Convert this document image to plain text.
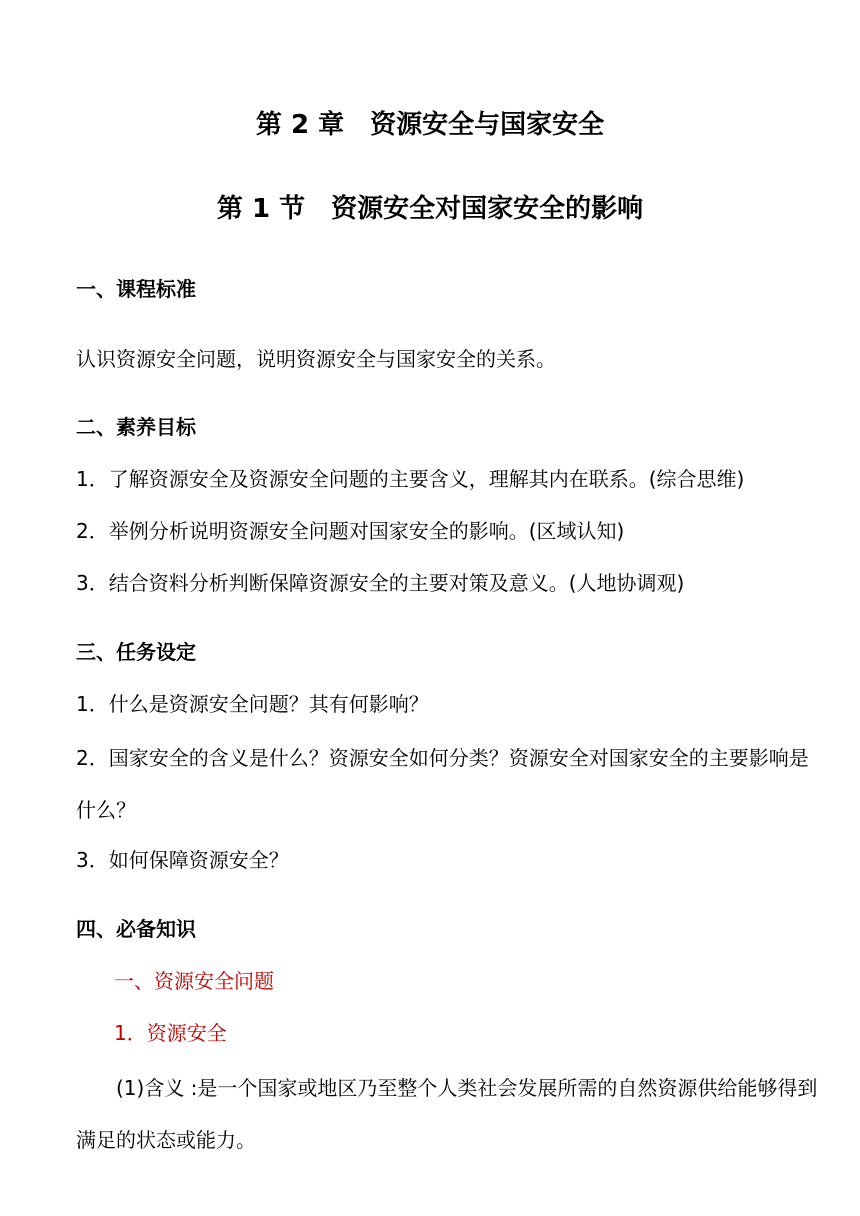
第 2 章　资源安全与国家安全
第 1 节　资源安全对国家安全的影响
一、课程标准
认识资源安全问题，说明资源安全与国家安全的关系。
二、素养目标
1．了解资源安全及资源安全问题的主要含义，理解其内在联系。(综合思维)
2．举例分析说明资源安全问题对国家安全的影响。(区域认知)
3．结合资料分析判断保障资源安全的主要对策及意义。(人地协调观)
三、任务设定
1．什么是资源安全问题？其有何影响？
2．国家安全的含义是什么？资源安全如何分类？资源安全对国家安全的主要影响是什么？
3．如何保障资源安全？
四、必备知识
一、资源安全问题
1．资源安全
(1)含义 :是一个国家或地区乃至整个人类社会发展所需的自然资源供给能够得到满足的状态或能力。
